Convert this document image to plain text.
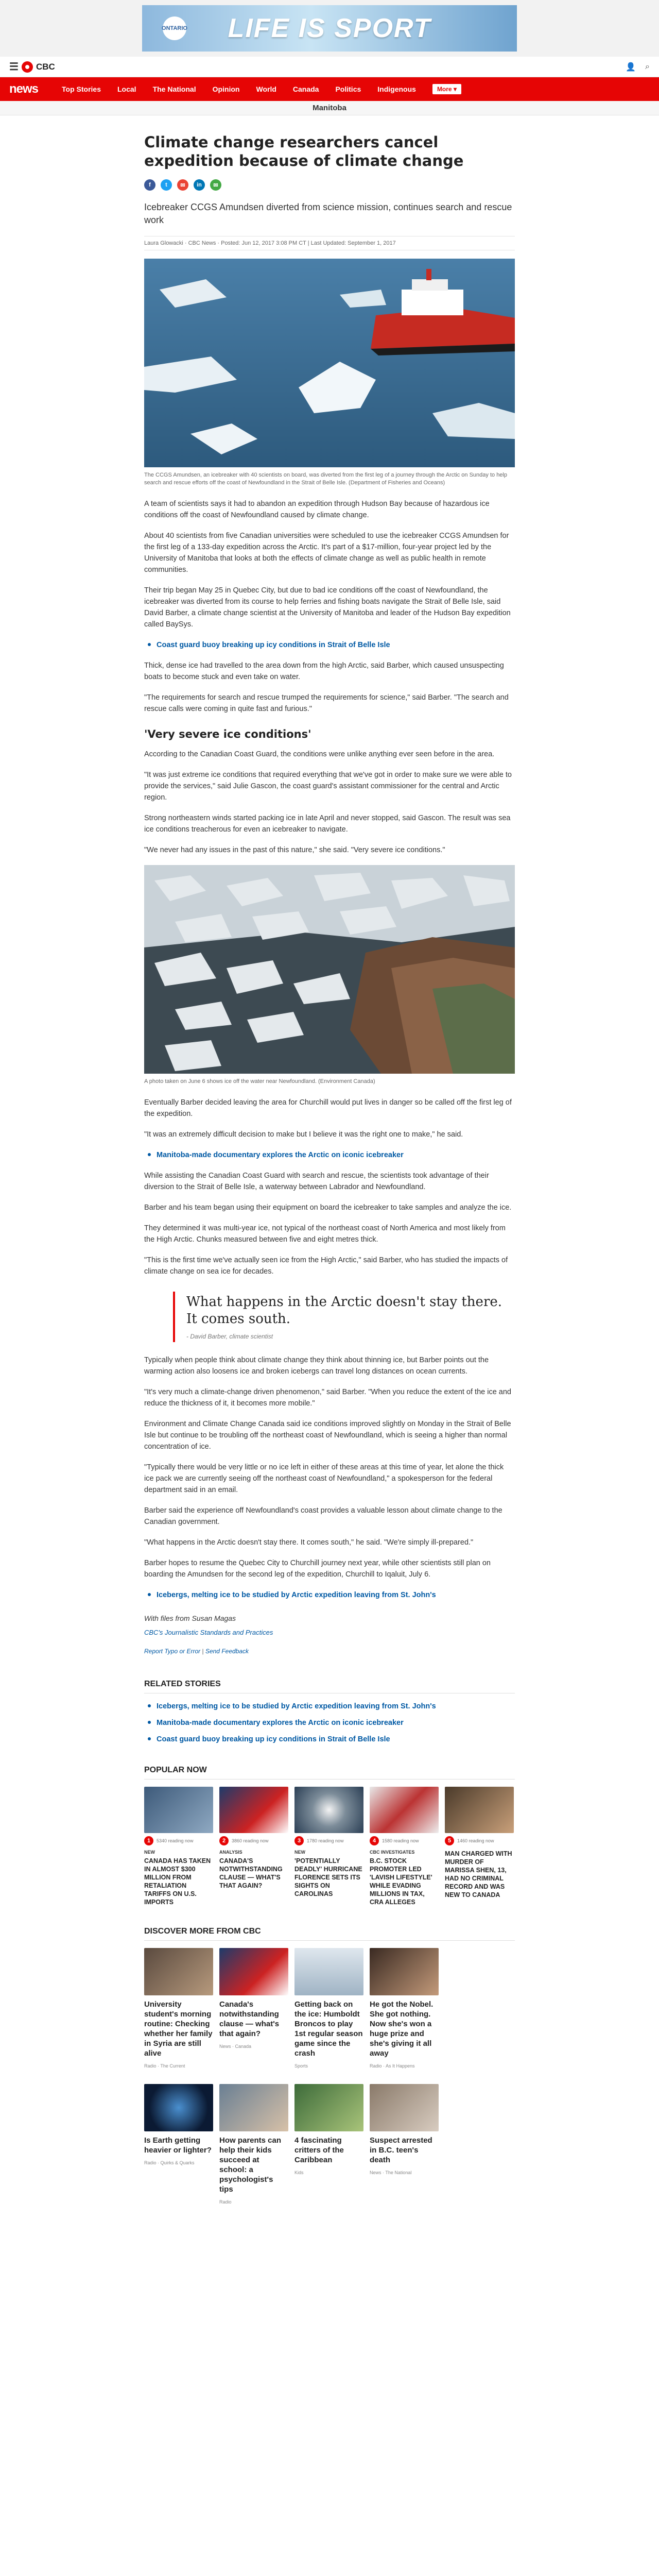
ONTARIO LIFE IS SPORT
☰ CBC	👤 ⌕
news	Top Stories Local The National Opinion World Canada Politics Indigenous	More ▾
Manitoba
Climate change researchers cancel expedition because of climate change
f	t	✉	in	✉
Icebreaker CCGS Amundsen diverted from science mission, continues search and rescue work
Laura Glowacki · CBC News · Posted: Jun 12, 2017 3:08 PM CT | Last Updated: September 1, 2017
The CCGS Amundsen, an icebreaker with 40 scientists on board, was diverted from the first leg of a journey through the Arctic on Sunday to help search and rescue efforts off the coast of Newfoundland in the Strait of Belle Isle. (Department of Fisheries and Oceans)

A team of scientists says it had to abandon an expedition through Hudson Bay because of hazardous ice conditions off the coast of Newfoundland caused by climate change.

About 40 scientists from five Canadian universities were scheduled to use the icebreaker CCGS Amundsen for the first leg of a 133-day expedition across the Arctic. It's part of a $17-million, four-year project led by the University of Manitoba that looks at both the effects of climate change as well as public health in remote communities.

Their trip began May 25 in Quebec City, but due to bad ice conditions off the coast of Newfoundland, the icebreaker was diverted from its course to help ferries and fishing boats navigate the Strait of Belle Isle, said David Barber, a climate change scientist at the University of Manitoba and leader of the Hudson Bay expedition called BaySys.

Coast guard buoy breaking up icy conditions in Strait of Belle Isle

Thick, dense ice had travelled to the area down from the high Arctic, said Barber, which caused unsuspecting boats to become stuck and even take on water.

"The requirements for search and rescue trumped the requirements for science," said Barber. "The search and rescue calls were coming in quite fast and furious."

'Very severe ice conditions'

According to the Canadian Coast Guard, the conditions were unlike anything ever seen before in the area.

"It was just extreme ice conditions that required everything that we've got in order to make sure we were able to provide the services," said Julie Gascon, the coast guard's assistant commissioner for the central and Arctic region.

Strong northeastern winds started packing ice in late April and never stopped, said Gascon. The result was sea ice conditions treacherous for even an icebreaker to navigate.

"We never had any issues in the past of this nature," she said. "Very severe ice conditions."

A photo taken on June 6 shows ice off the water near Newfoundland. (Environment Canada)

Eventually Barber decided leaving the area for Churchill would put lives in danger so be called off the first leg of the expedition.

"It was an extremely difficult decision to make but I believe it was the right one to make," he said.

Manitoba-made documentary explores the Arctic on iconic icebreaker

While assisting the Canadian Coast Guard with search and rescue, the scientists took advantage of their diversion to the Strait of Belle Isle, a waterway between Labrador and Newfoundland.

Barber and his team began using their equipment on board the icebreaker to take samples and analyze the ice.

They determined it was multi-year ice, not typical of the northeast coast of North America and most likely from the High Arctic. Chunks measured between five and eight metres thick.

"This is the first time we've actually seen ice from the High Arctic," said Barber, who has studied the impacts of climate change on sea ice for decades.

What happens in the Arctic doesn't stay there. It comes south.
- David Barber, climate scientist

Typically when people think about climate change they think about thinning ice, but Barber points out the warming action also loosens ice and broken icebergs can travel long distances on ocean currents.

"It's very much a climate-change driven phenomenon," said Barber. "When you reduce the extent of the ice and reduce the thickness of it, it becomes more mobile."

Environment and Climate Change Canada said ice conditions improved slightly on Monday in the Strait of Belle Isle but continue to be troubling off the northeast coast of Newfoundland, which is seeing a higher than normal concentration of ice.

"Typically there would be very little or no ice left in either of these areas at this time of year, let alone the thick ice pack we are currently seeing off the northeast coast of Newfoundland," a spokesperson for the federal department said in an email.

Barber said the experience off Newfoundland's coast provides a valuable lesson about climate change to the Canadian government.

"What happens in the Arctic doesn't stay there. It comes south," he said. "We're simply ill-prepared."

Barber hopes to resume the Quebec City to Churchill journey next year, while other scientists still plan on boarding the Amundsen for the second leg of the expedition, Churchill to Iqaluit, July 6.

Icebergs, melting ice to be studied by Arctic expedition leaving from St. John's
With files from Susan Magas
CBC's Journalistic Standards and Practices
Report Typo or Error | Send Feedback
RELATED STORIES
Icebergs, melting ice to be studied by Arctic expedition leaving from St. John's
Manitoba-made documentary explores the Arctic on iconic icebreaker
Coast guard buoy breaking up icy conditions in Strait of Belle Isle
POPULAR NOW
1	5340 reading now
NEW
CANADA HAS TAKEN IN ALMOST $300 MILLION FROM RETALIATION TARIFFS ON U.S. IMPORTS
2	3860 reading now
ANALYSIS
CANADA'S NOTWITHSTANDING CLAUSE — WHAT'S THAT AGAIN?
3	1780 reading now
NEW
'POTENTIALLY DEADLY' HURRICANE FLORENCE SETS ITS SIGHTS ON CAROLINAS
4	1580 reading now
CBC INVESTIGATES
B.C. STOCK PROMOTER LED 'LAVISH LIFESTYLE' WHILE EVADING MILLIONS IN TAX, CRA ALLEGES
5	1460 reading now
MAN CHARGED WITH MURDER OF MARISSA SHEN, 13, HAD NO CRIMINAL RECORD AND WAS NEW TO CANADA
DISCOVER MORE FROM CBC
University student's morning routine: Checking whether her family in Syria are still alive
Radio · The Current
Canada's notwithstanding clause — what's that again?
News · Canada
Getting back on the ice: Humboldt Broncos to play 1st regular season game since the crash
Sports
He got the Nobel. She got nothing. Now she's won a huge prize and she's giving it all away
Radio · As It Happens
Is Earth getting heavier or lighter?
Radio · Quirks & Quarks
How parents can help their kids succeed at school: a psychologist's tips
Radio
4 fascinating critters of the Caribbean
Kids
Suspect arrested in B.C. teen's death
News · The National
